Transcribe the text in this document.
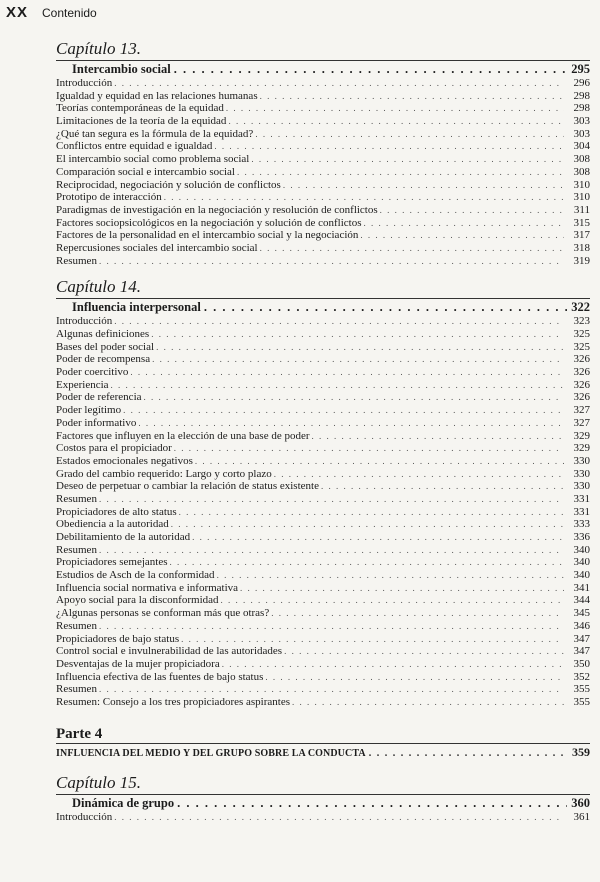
XX Contenido
Capítulo 13.
Intercambio social . . .	295
Introducción . . .	296
Igualdad y equidad en las relaciones humanas . . .	298
Teorías contemporáneas de la equidad . . .	298
Limitaciones de la teoría de la equidad . . .	303
¿Qué tan segura es la fórmula de la equidad? . . .	303
Conflictos entre equidad e igualdad . . .	304
El intercambio social como problema social . . .	308
Comparación social e intercambio social . . .	308
Reciprocidad, negociación y solución de conflictos . . .	310
Prototipo de interacción . . .	310
Paradigmas de investigación en la negociación y resolución de conflictos . . .	311
Factores sociopsicológicos en la negociación y solución de conflictos . . .	315
Factores de la personalidad en el intercambio social y la negociación . . .	317
Repercusiones sociales del intercambio social . . .	318
Resumen . . .	319
Capítulo 14.
Influencia interpersonal . . .	322
Introducción . . .	323
Algunas definiciones . . .	325
Bases del poder social . . .	325
Poder de recompensa . . .	326
Poder coercitivo . . .	326
Experiencia . . .	326
Poder de referencia . . .	326
Poder legítimo . . .	327
Poder informativo . . .	327
Factores que influyen en la elección de una base de poder . . .	329
Costos para el propiciador . . .	329
Estados emocionales negativos . . .	330
Grado del cambio requerido: Largo y corto plazo . . .	330
Deseo de perpetuar o cambiar la relación de status existente . . .	330
Resumen . . .	331
Propiciadores de alto status . . .	331
Obediencia a la autoridad . . .	333
Debilitamiento de la autoridad . . .	336
Resumen . . .	340
Propiciadores semejantes . . .	340
Estudios de Asch de la conformidad . . .	340
Influencia social normativa e informativa . . .	341
Apoyo social para la disconformidad . . .	344
¿Algunas personas se conforman más que otras? . . .	345
Resumen . . .	346
Propiciadores de bajo status . . .	347
Control social e invulnerabilidad de las autoridades . . .	347
Desventajas de la mujer propiciadora . . .	350
Influencia efectiva de las fuentes de bajo status . . .	352
Resumen . . .	355
Resumen: Consejo a los tres propiciadores aspirantes . . .	355
Parte 4
INFLUENCIA DEL MEDIO Y DEL GRUPO SOBRE LA CONDUCTA . . .	359
Capítulo 15.
Dinámica de grupo . . .	360
Introducción . . .	361
